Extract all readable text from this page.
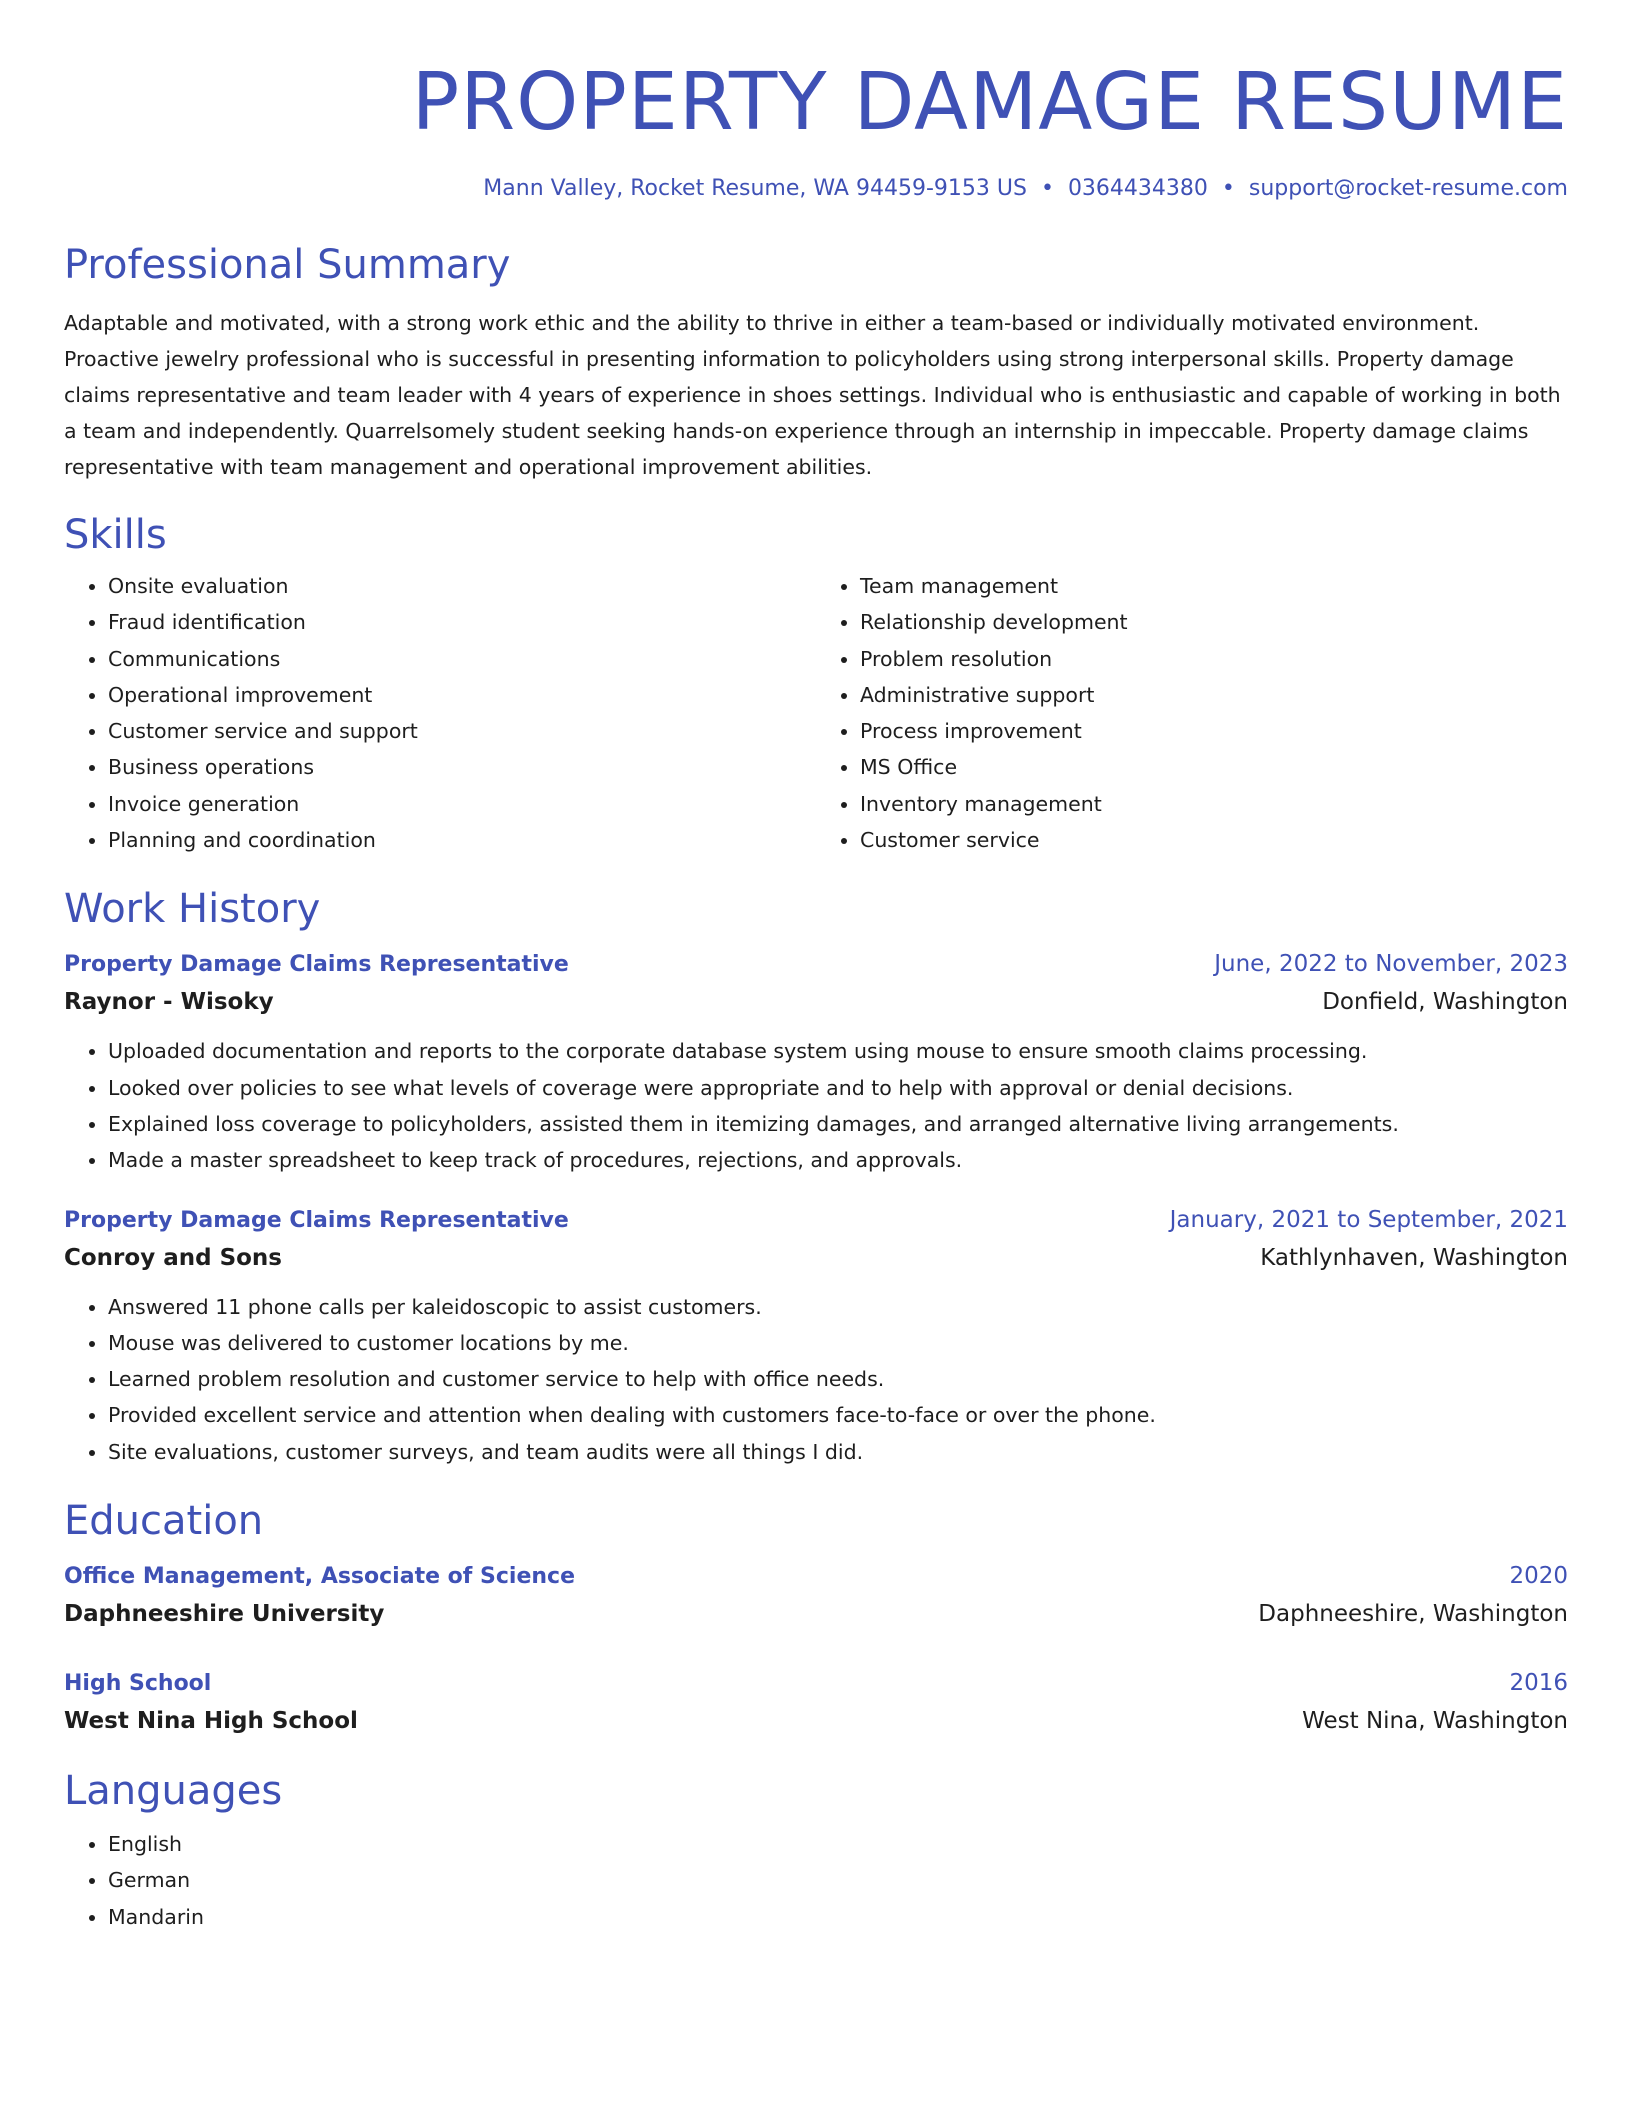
PROPERTY DAMAGE RESUME
Mann Valley, Rocket Resume, WA 94459-9153 US • 0364434380 • support@rocket-resume.com
Professional Summary

Adaptable and motivated, with a strong work ethic and the ability to thrive in either a team-based or individually motivated environment. Proactive jewelry professional who is successful in presenting information to policyholders using strong interpersonal skills. Property damage claims representative and team leader with 4 years of experience in shoes settings. Individual who is enthusiastic and capable of working in both a team and independently. Quarrelsomely student seeking hands-on experience through an internship in impeccable. Property damage claims representative with team management and operational improvement abilities.

Skills
• Onsite evaluation
• Fraud identification
• Communications
• Operational improvement
• Customer service and support
• Business operations
• Invoice generation
• Planning and coordination
• Team management
• Relationship development
• Problem resolution
• Administrative support
• Process improvement
• MS Office
• Inventory management
• Customer service
Work History
Property Damage Claims Representative	June, 2022 to November, 2023
Raynor - Wisoky	Donfield, Washington
• Uploaded documentation and reports to the corporate database system using mouse to ensure smooth claims processing.
• Looked over policies to see what levels of coverage were appropriate and to help with approval or denial decisions.
• Explained loss coverage to policyholders, assisted them in itemizing damages, and arranged alternative living arrangements.
• Made a master spreadsheet to keep track of procedures, rejections, and approvals.
Property Damage Claims Representative	January, 2021 to September, 2021
Conroy and Sons	Kathlynhaven, Washington
• Answered 11 phone calls per kaleidoscopic to assist customers.
• Mouse was delivered to customer locations by me.
• Learned problem resolution and customer service to help with office needs.
• Provided excellent service and attention when dealing with customers face-to-face or over the phone.
• Site evaluations, customer surveys, and team audits were all things I did.
Education
Office Management, Associate of Science	2020
Daphneeshire University	Daphneeshire, Washington
High School	2016
West Nina High School	West Nina, Washington
Languages
• English
• German
• Mandarin
